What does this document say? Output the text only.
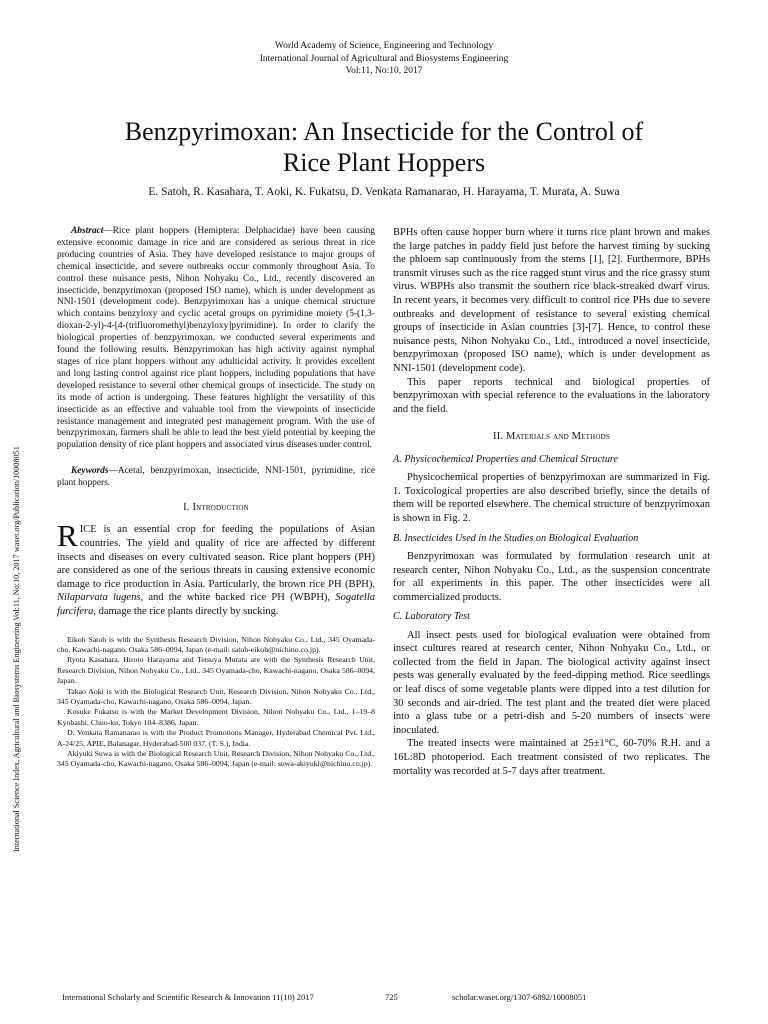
World Academy of Science, Engineering and Technology
International Journal of Agricultural and Biosystems Engineering
Vol:11, No:10, 2017
Benzpyrimoxan: An Insecticide for the Control of
Rice Plant Hoppers
E. Satoh, R. Kasahara, T. Aoki, K. Fukatsu, D. Venkata Ramanarao, H. Harayama, T. Murata, A. Suwa
International Science Index, Agricultural and Biosystems Engineering Vol:11, No:10, 2017 waset.org/Publication/10008051

Abstract—Rice plant hoppers (Hemiptera: Delphacidae) have been causing extensive economic damage in rice and are considered as serious threat in rice producing countries of Asia. They have developed resistance to major groups of chemical insecticide, and severe outbreaks occur commonly throughout Asia. To control these nuisance pests, Nihon Nohyaku Co., Ltd., recently discovered an insecticide, benzpyrimoxan (proposed ISO name), which is under development as NNI-1501 (development code). Benzpyrimoxan has a unique chemical structure which contains benzyloxy and cyclic acetal groups on pyrimidine moiety (5-(1,3-dioxan-2-yl)-4-[4-(trifluoromethyl)benzyloxy]pyrimidine). In order to clarify the biological properties of benzpyrimoxan, we conducted several experiments and found the following results. Benzpyrimoxan has high activity against nymphal stages of rice plant hoppers without any adulticidal activity. It provides excellent and long lasting control against rice plant hoppers, including populations that have developed resistance to several other chemical groups of insecticide. The study on its mode of action is undergoing. These features highlight the versatility of this insecticide as an effective and valuable tool from the viewpoints of insecticide resistance management and integrated pest management program. With the use of benzpyrimoxan, farmers shall be able to lead the best yield potential by keeping the population density of rice plant hoppers and associated virus diseases under control.

Keywords—Acetal, benzpyrimoxan, insecticide, NNI-1501, pyrimidine, rice plant hoppers.

I. Introduction

RICE is an essential crop for feeding the populations of Asian countries. The yield and quality of rice are affected by different insects and diseases on every cultivated season. Rice plant hoppers (PH) are considered as one of the serious threats in causing extensive economic damage to rice production in Asia. Particularly, the brown rice PH (BPH), Nilaparvata lugens, and the white backed rice PH (WBPH), Sogatella furcifera, damage the rice plants directly by sucking.

Eikoh Satoh is with the Synthesis Research Division, Nihon Nohyaku Co., Ltd., 345 Oyamada-cho, Kawachi-nagano, Osaka 586–0094, Japan (e-mail: satoh-eikoh@nichino.co.jp).

Ryota Kasahara, Hiroto Harayama and Tetsuya Murata are with the Synthesis Research Unit, Research Division, Nihon Nohyaku Co., Ltd., 345 Oyamada-cho, Kawachi-nagano, Osaka 586–0094, Japan.

Takao Aoki is with the Biological Research Unit, Research Division, Nihon Nohyaku Co., Ltd., 345 Oyamada-cho, Kawachi-nagano, Osaka 586–0094, Japan.

Kosuke Fukatsu is with the Market Development Division, Nihon Nohyaku Co., Ltd., 1–19–8 Kyobashi, Chuo-ku, Tokyo 104–8386, Japan.

D. Venkata Ramanarao is with the Product Promotions Manager, Hyderabad Chemical Pvt. Ltd., A-24/25, APIE, Balanagar, Hyderabad-500 037. (T. S.), India.

Akiyuki Suwa is with the Biological Research Unit, Research Division, Nihon Nohyaku Co., Ltd., 345 Oyamada-cho, Kawachi-nagano, Osaka 586–0094, Japan (e-mail: suwa-akiyuki@nichino.co.jp).

BPHs often cause hopper burn where it turns rice plant brown and makes the large patches in paddy field just before the harvest timing by sucking the phloem sap continuously from the stems [1], [2]. Furthermore, BPHs transmit viruses such as the rice ragged stunt virus and the rice grassy stunt virus. WBPHs also transmit the southern rice black-streaked dwarf virus. In recent years, it becomes very difficult to control rice PHs due to severe outbreaks and development of resistance to several existing chemical groups of insecticide in Asian countries [3]-[7]. Hence, to control these nuisance pests, Nihon Nohyaku Co., Ltd., introduced a novel insecticide, benzpyrimoxan (proposed ISO name), which is under development as NNI-1501 (development code).

This paper reports technical and biological properties of benzpyrimoxan with special reference to the evaluations in the laboratory and the field.

II. Materials and Methods
A. Physicochemical Properties and Chemical Structure

Physicochemical properties of benzpyrimoxan are summarized in Fig. 1. Toxicological properties are also described briefly, since the details of them will be reported elsewhere. The chemical structure of benzpyrimoxan is shown in Fig. 2.

B. Insecticides Used in the Studies on Biological Evaluation

Benzpyrimoxan was formulated by formulation research unit at research center, Nihon Nohyaku Co., Ltd., as the suspension concentrate for all experiments in this paper. The other insecticides were all commercialized products.

C. Laboratory Test

All insect pests used for biological evaluation were obtained from insect cultures reared at research center, Nihon Nohyaku Co., Ltd., or collected from the field in Japan. The biological activity against insect pests was generally evaluated by the feed-dipping method. Rice seedlings or leaf discs of some vegetable plants were dipped into a test dilution for 30 seconds and air-dried. The test plant and the treated diet were placed into a glass tube or a petri-dish and 5-20 numbers of insects were inoculated.

The treated insects were maintained at 25±1°C, 60-70% R.H. and a 16L:8D photoperiod. Each treatment consisted of two replicates. The mortality was recorded at 5-7 days after treatment.

International Scholarly and Scientific Research & Innovation 11(10) 2017	725	scholar.waset.org/1307-6892/10008051
